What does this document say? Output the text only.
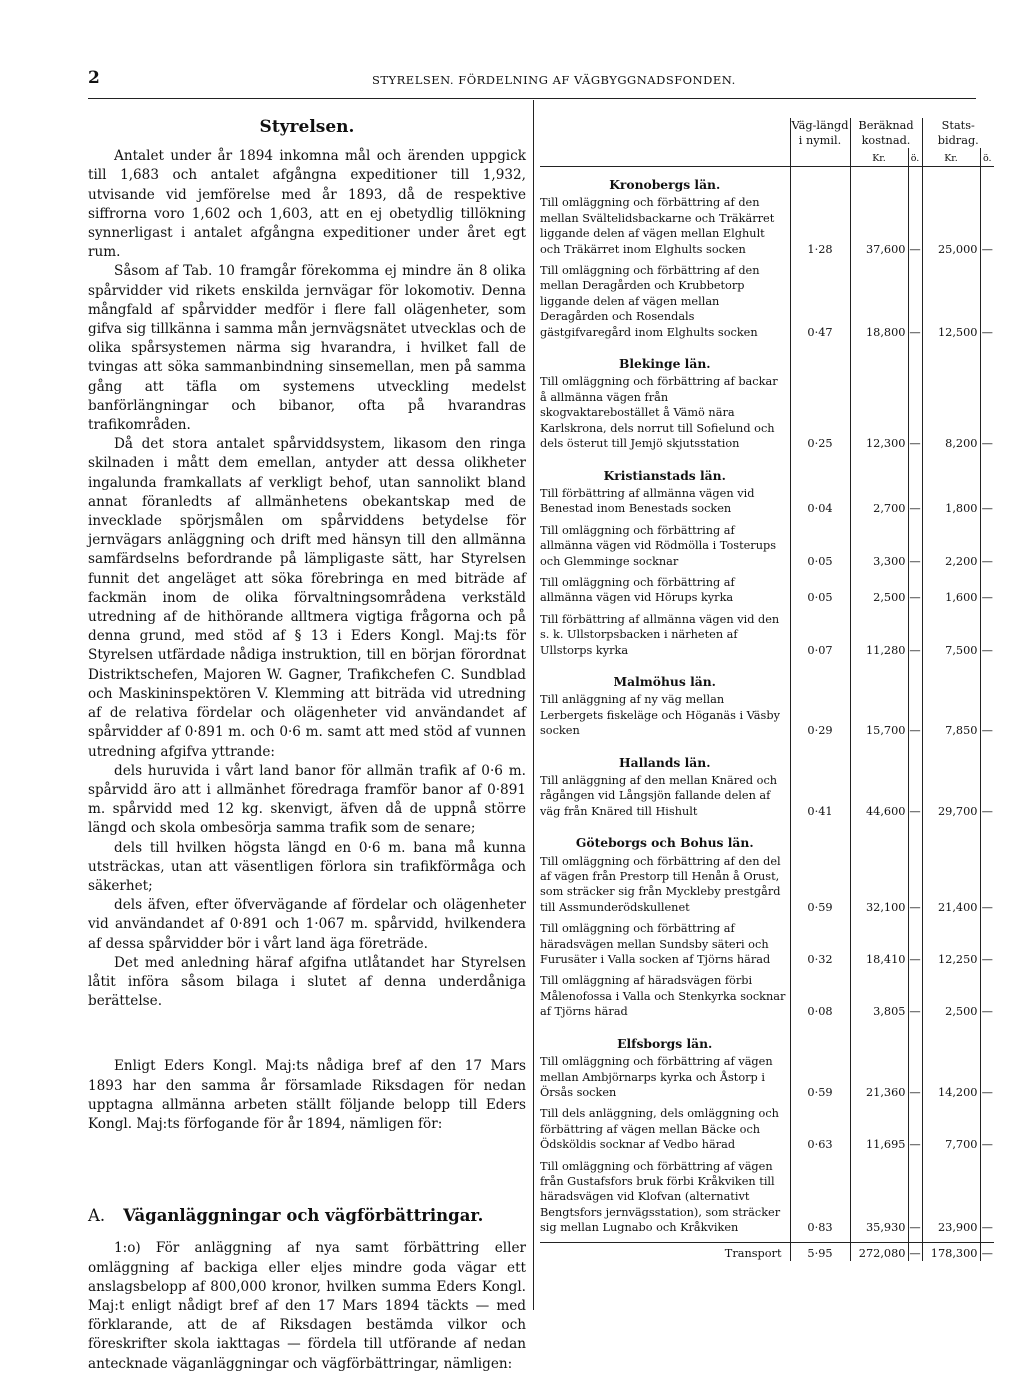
2	STYRELSEN. FÖRDELNING AF VÄGBYGGNADSFONDEN.
Styrelsen.

Antalet under år 1894 inkomna mål och ärenden uppgick till 1,683 och antalet afgångna expeditioner till 1,932, utvisande vid jemförelse med år 1893, då de respektive siffrorna voro 1,602 och 1,603, att en ej obetydlig tillökning synnerligast i antalet afgångna expeditioner under året egt rum.

Såsom af Tab. 10 framgår förekomma ej mindre än 8 olika spårvidder vid rikets enskilda jernvägar för lokomotiv. Denna mångfald af spårvidder medför i flere fall olägenheter, som gifva sig tillkänna i samma mån jernvägsnätet utvecklas och de olika spårsystemen närma sig hvarandra, i hvilket fall de tvingas att söka sammanbindning sinsemellan, men på samma gång att täfla om systemens utveckling medelst banförlängningar och bibanor, ofta på hvarandras trafikområden.

Då det stora antalet spårviddsystem, likasom den ringa skilnaden i mått dem emellan, antyder att dessa olikheter ingalunda framkallats af verkligt behof, utan sannolikt bland annat föranledts af allmänhetens obekantskap med de invecklade spörjsmålen om spårviddens betydelse för jernvägars anläggning och drift med hänsyn till den allmänna samfärdselns befordrande på lämpligaste sätt, har Styrelsen funnit det angeläget att söka förebringa en med biträde af fackmän inom de olika förvaltningsområdena verkstäld utredning af de hithörande alltmera vigtiga frågorna och på denna grund, med stöd af § 13 i Eders Kongl. Maj:ts för Styrelsen utfärdade nådiga instruktion, till en början förordnat Distriktschefen, Majoren W. Gagner, Trafikchefen C. Sundblad och Maskininspektören V. Klemming att biträda vid utredning af de relativa fördelar och olägenheter vid användandet af spårvidder af 0·891 m. och 0·6 m. samt att med stöd af vunnen utredning afgifva yttrande:

dels huruvida i vårt land banor för allmän trafik af 0·6 m. spårvidd äro att i allmänhet föredraga framför banor af 0·891 m. spårvidd med 12 kg. skenvigt, äfven då de uppnå större längd och skola ombesörja samma trafik som de senare;

dels till hvilken högsta längd en 0·6 m. bana må kunna utsträckas, utan att väsentligen förlora sin trafikförmåga och säkerhet;

dels äfven, efter öfvervägande af fördelar och olägenheter vid användandet af 0·891 och 1·067 m. spårvidd, hvilkendera af dessa spårvidder bör i vårt land äga företräde.

Det med anledning häraf afgifna utlåtandet har Styrelsen låtit införa såsom bilaga i slutet af denna underdåniga berättelse.

Enligt Eders Kongl. Maj:ts nådiga bref af den 17 Mars 1893 har den samma år församlade Riksdagen för nedan upptagna allmänna arbeten ställt följande belopp till Eders Kongl. Maj:ts förfogande för år 1894, nämligen för:

A. Väganläggningar och vägförbättringar.

1:o) För anläggning af nya samt förbättring eller omläggning af backiga eller eljes mindre goda vägar ett anslagsbelopp af 800,000 kronor, hvilken summa Eders Kongl. Maj:t enligt nådigt bref af den 17 Mars 1894 täckts — med förklarande, att de af Riksdagen bestämda vilkor och föreskrifter skola iakttagas — fördela till utförande af nedan antecknade väganläggningar och vägförbättringar, nämligen:

	Väg-längd i nymil.	Beräknad kostnad.		Stats-bidrag.	
		Kr.	ö.	Kr.	ö.
Kronobergs län.					
Till omläggning och förbättring af den mellan Svältelidsbackarne och Träkärret liggande delen af vägen mellan Elghult och Träkärret inom Elghults socken	1·28	37,600	—	25,000	—

Till omläggning och förbättring af den mellan Deragården och Krubbetorp liggande delen af vägen mellan Deragården och Rosendals gästgifvaregård inom Elghults socken	0·47	18,800	—	12,500	—

Blekinge län.					
Till omläggning och förbättring af backar å allmänna vägen från skogvaktarebostället å Vämö nära Karlskrona, dels norrut till Sofielund och dels österut till Jemjö skjutsstation	0·25	12,300	—	8,200	—

Kristianstads län.					
Till förbättring af allmänna vägen vid Benestad inom Benestads socken	0·04	2,700	—	1,800	—

Till omläggning och förbättring af allmänna vägen vid Rödmölla i Tosterups och Glemminge socknar	0·05	3,300	—	2,200	—

Till omläggning och förbättring af allmänna vägen vid Hörups kyrka	0·05	2,500	—	1,600	—

Till förbättring af allmänna vägen vid den s. k. Ullstorpsbacken i närheten af Ullstorps kyrka	0·07	11,280	—	7,500	—

Malmöhus län.					
Till anläggning af ny väg mellan Lerbergets fiskeläge och Höganäs i Väsby socken	0·29	15,700	—	7,850	—

Hallands län.					
Till anläggning af den mellan Knäred och rågången vid Långsjön fallande delen af väg från Knäred till Hishult	0·41	44,600	—	29,700	—

Göteborgs och Bohus län.					
Till omläggning och förbättring af den del af vägen från Prestorp till Henån å Orust, som sträcker sig från Myckleby prestgård till Assmunderödskullenet	0·59	32,100	—	21,400	—

Till omläggning och förbättring af häradsvägen mellan Sundsby säteri och Furusäter i Valla socken af Tjörns härad	0·32	18,410	—	12,250	—

Till omläggning af häradsvägen förbi Målenofossa i Valla och Stenkyrka socknar af Tjörns härad	0·08	3,805	—	2,500	—

Elfsborgs län.					
Till omläggning och förbättring af vägen mellan Ambjörnarps kyrka och Åstorp i Örsås socken	0·59	21,360	—	14,200	—

Till dels anläggning, dels omläggning och förbättring af vägen mellan Bäcke och Ödsköldis socknar af Vedbo härad	0·63	11,695	—	7,700	—

Till omläggning och förbättring af vägen från Gustafsfors bruk förbi Kråkviken till häradsvägen vid Klofvan (alternativt Bengtsfors jernvägsstation), som sträcker sig mellan Lugnabo och Kråkviken	0·83	35,930	—	23,900	—

Transport	5·95	272,080	—	178,300	—
